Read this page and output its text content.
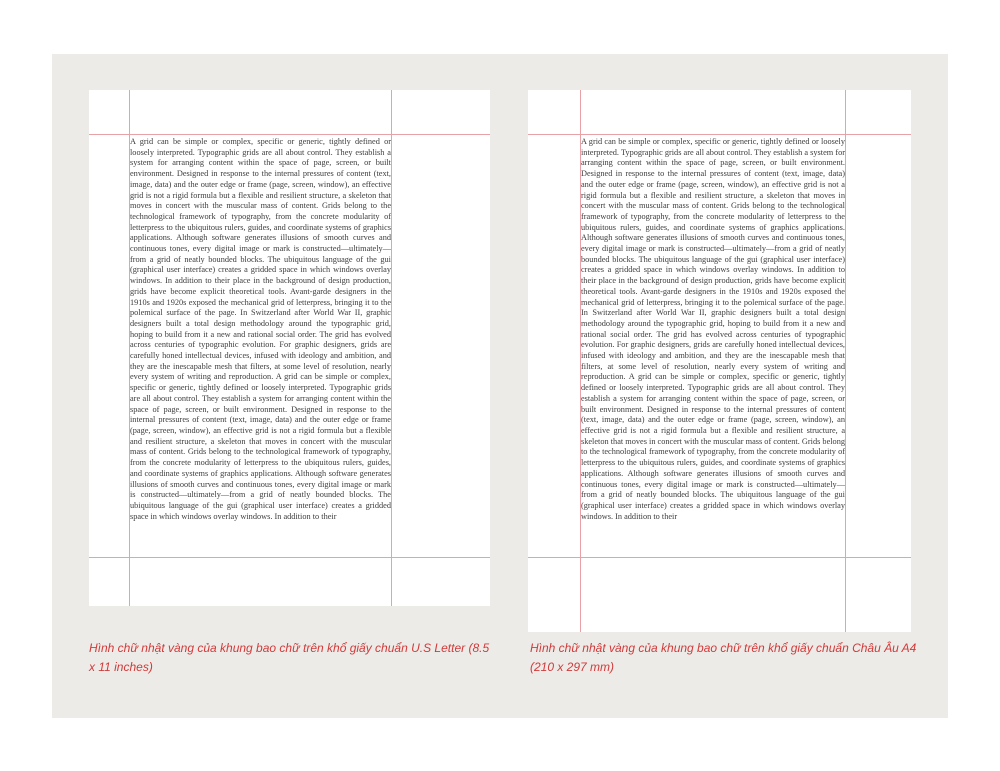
A grid can be simple or complex, specific or generic, tightly defined or loosely interpreted. Typographic grids are all about control. They establish a system for arranging content within the space of page, screen, or built environment. Designed in response to the internal pressures of content (text, image, data) and the outer edge or frame (page, screen, window), an effective grid is not a rigid formula but a flexible and resilient structure, a skeleton that moves in concert with the muscular mass of content. Grids belong to the technological framework of typography, from the concrete modularity of letterpress to the ubiquitous rulers, guides, and coordinate systems of graphics applications. Although software generates illusions of smooth curves and continuous tones, every digital image or mark is constructed—ultimately—from a grid of neatly bounded blocks. The ubiquitous language of the gui (graphical user interface) creates a gridded space in which windows overlay windows. In addition to their place in the background of design production, grids have become explicit theoretical tools. Avant-garde designers in the 1910s and 1920s exposed the mechanical grid of letterpress, bringing it to the polemical surface of the page. In Switzerland after World War II, graphic designers built a total design methodology around the typographic grid, hoping to build from it a new and rational social order. The grid has evolved across centuries of typographic evolution. For graphic designers, grids are carefully honed intellectual devices, infused with ideology and ambition, and they are the inescapable mesh that filters, at some level of resolution, nearly every system of writing and reproduction. A grid can be simple or complex, specific or generic, tightly defined or loosely interpreted. Typographic grids are all about control. They establish a system for arranging content within the space of page, screen, or built environment. Designed in response to the internal pressures of content (text, image, data) and the outer edge or frame (page, screen, window), an effective grid is not a rigid formula but a flexible and resilient structure, a skeleton that moves in concert with the muscular mass of content. Grids belong to the technological framework of typography, from the concrete modularity of letterpress to the ubiquitous rulers, guides, and coordinate systems of graphics applications. Although software generates illusions of smooth curves and continuous tones, every digital image or mark is constructed—ultimately—from a grid of neatly bounded blocks. The ubiquitous language of the gui (graphical user interface) creates a gridded space in which windows overlay windows. In addition to their
A grid can be simple or complex, specific or generic, tightly defined or loosely interpreted. Typographic grids are all about control. They establish a system for arranging content within the space of page, screen, or built environment. Designed in response to the internal pressures of content (text, image, data) and the outer edge or frame (page, screen, window), an effective grid is not a rigid formula but a flexible and resilient structure, a skeleton that moves in concert with the muscular mass of content. Grids belong to the technological framework of typography, from the concrete modularity of letterpress to the ubiquitous rulers, guides, and coordinate systems of graphics applications. Although software generates illusions of smooth curves and continuous tones, every digital image or mark is constructed—ultimately—from a grid of neatly bounded blocks. The ubiquitous language of the gui (graphical user interface) creates a gridded space in which windows overlay windows. In addition to their place in the background of design production, grids have become explicit theoretical tools. Avant-garde designers in the 1910s and 1920s exposed the mechanical grid of letterpress, bringing it to the polemical surface of the page. In Switzerland after World War II, graphic designers built a total design methodology around the typographic grid, hoping to build from it a new and rational social order. The grid has evolved across centuries of typographic evolution. For graphic designers, grids are carefully honed intellectual devices, infused with ideology and ambition, and they are the inescapable mesh that filters, at some level of resolution, nearly every system of writing and reproduction. A grid can be simple or complex, specific or generic, tightly defined or loosely interpreted. Typographic grids are all about control. They establish a system for arranging content within the space of page, screen, or built environment. Designed in response to the internal pressures of content (text, image, data) and the outer edge or frame (page, screen, window), an effective grid is not a rigid formula but a flexible and resilient structure, a skeleton that moves in concert with the muscular mass of content. Grids belong to the technological framework of typography, from the concrete modularity of letterpress to the ubiquitous rulers, guides, and coordinate systems of graphics applications. Although software generates illusions of smooth curves and continuous tones, every digital image or mark is constructed—ultimately—from a grid of neatly bounded blocks. The ubiquitous language of the gui (graphical user interface) creates a gridded space in which windows overlay windows. In addition to their
Hình chữ nhật vàng của khung bao chữ trên khổ giấy chuẩn U.S Letter (8.5 x 11 inches)
Hình chữ nhật vàng của khung bao chữ trên khổ giấy chuẩn Châu Âu A4 (210 x 297 mm)
